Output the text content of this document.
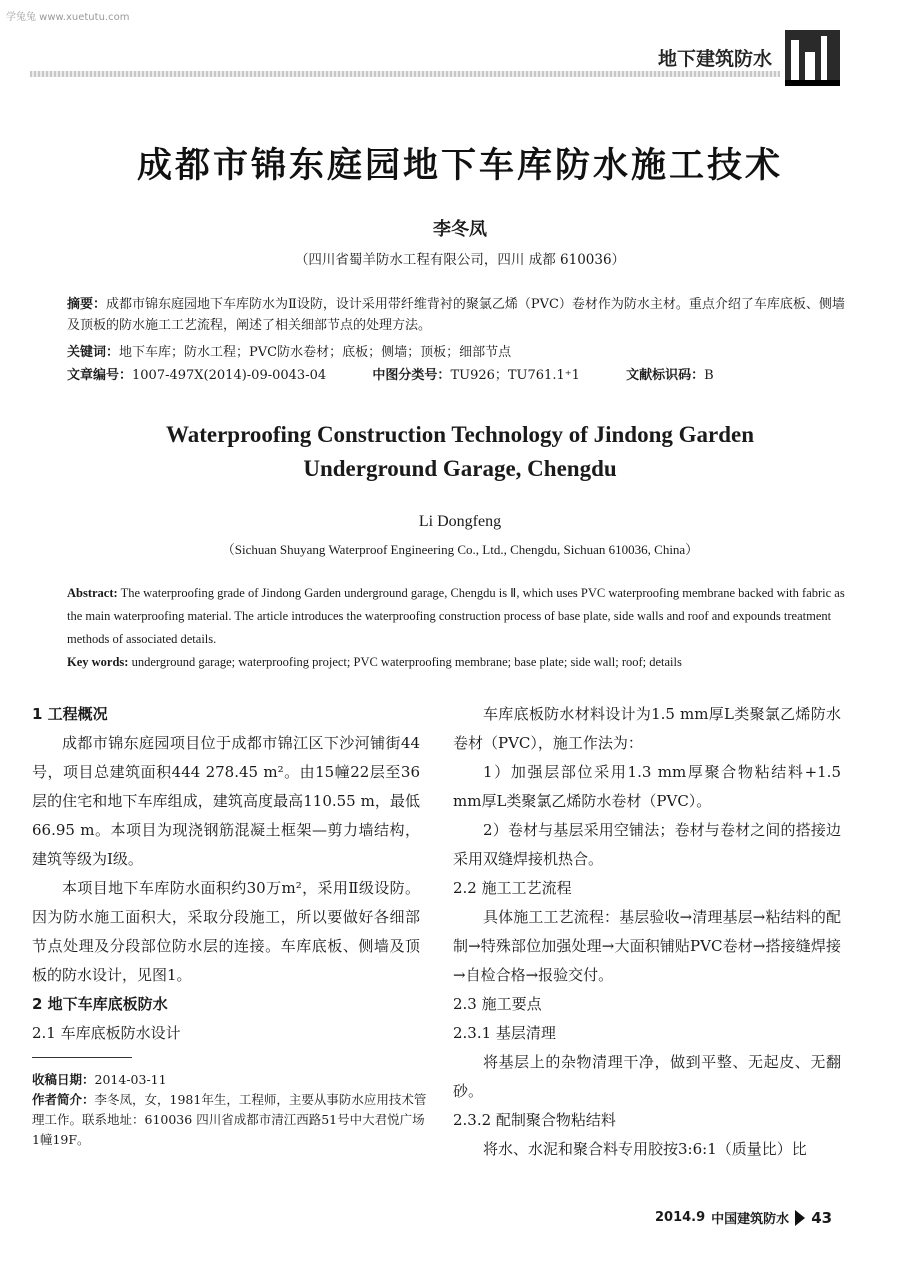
学兔兔 www.xuetutu.com
地下建筑防水
成都市锦东庭园地下车库防水施工技术
李冬凤
（四川省蜀羊防水工程有限公司，四川 成都 610036）
摘要：成都市锦东庭园地下车库防水为Ⅱ设防，设计采用带纤维背衬的聚氯乙烯（PVC）卷材作为防水主材。重点介绍了车库底板、侧墙及顶板的防水施工工艺流程，阐述了相关细部节点的处理方法。
关键词：地下车库；防水工程；PVC防水卷材；底板；侧墙；顶板；细部节点
文章编号：1007-497X(2014)-09-0043-04	中图分类号：TU926；TU761.1⁺1	文献标识码：B
Waterproofing Construction Technology of Jindong Garden
Underground Garage, Chengdu
Li Dongfeng
（Sichuan Shuyang Waterproof Engineering Co., Ltd., Chengdu, Sichuan 610036, China）
Abstract: The waterproofing grade of Jindong Garden underground garage, Chengdu is Ⅱ, which uses PVC waterproofing membrane backed with fabric as the main waterproofing material. The article introduces the waterproofing construction process of base plate, side walls and roof and expounds treatment methods of associated details.
Key words: underground garage; waterproofing project; PVC waterproofing membrane; base plate; side wall; roof; details

1 工程概况

成都市锦东庭园项目位于成都市锦江区下沙河铺街44号，项目总建筑面积444 278.45 m²。由15幢22层至36层的住宅和地下车库组成，建筑高度最高110.55 m，最低66.95 m。本项目为现浇钢筋混凝土框架—剪力墙结构，建筑等级为Ⅰ级。

本项目地下车库防水面积约30万m²，采用Ⅱ级设防。因为防水施工面积大，采取分段施工，所以要做好各细部节点处理及分段部位防水层的连接。车库底板、侧墙及顶板的防水设计，见图1。

2 地下车库底板防水

2.1 车库底板防水设计

收稿日期：2014-03-11
作者简介：李冬凤，女，1981年生，工程师，主要从事防水应用技术管理工作。联系地址：610036 四川省成都市清江西路51号中大君悦广场1幢19F。

车库底板防水材料设计为1.5 mm厚L类聚氯乙烯防水卷材（PVC），施工作法为：

1）加强层部位采用1.3 mm厚聚合物粘结料+1.5 mm厚L类聚氯乙烯防水卷材（PVC）。

2）卷材与基层采用空铺法；卷材与卷材之间的搭接边采用双缝焊接机热合。

2.2 施工工艺流程

具体施工工艺流程：基层验收→清理基层→粘结料的配制→特殊部位加强处理→大面积铺贴PVC卷材→搭接缝焊接→自检合格→报验交付。

2.3 施工要点

2.3.1 基层清理

将基层上的杂物清理干净，做到平整、无起皮、无翻砂。

2.3.2 配制聚合物粘结料

将水、水泥和聚合料专用胶按3:6:1（质量比）比

2014.9 中国建筑防水 43
